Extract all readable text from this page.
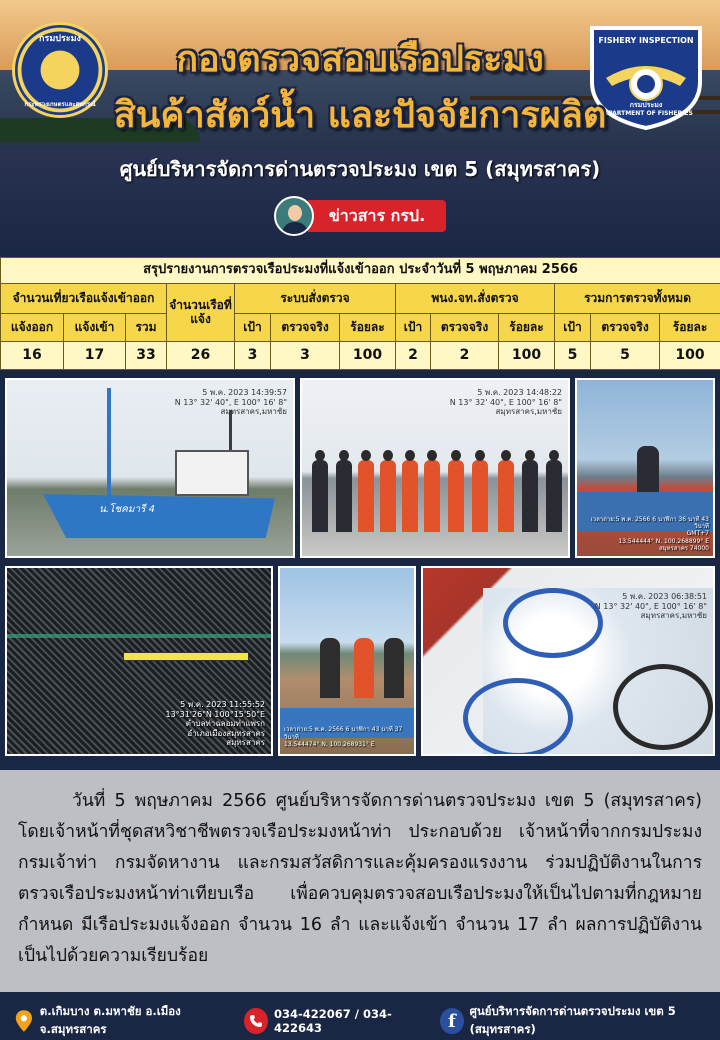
กรมประมง
กระทรวงเกษตรและสหกรณ์
FISHERY INSPECTION
กรมประมง
DEPARTMENT OF FISHERIES
กองตรวจสอบเรือประมง
สินค้าสัตว์น้ำ และปัจจัยการผลิต
ศูนย์บริหารจัดการด่านตรวจประมง เขต 5 (สมุทรสาคร)
ข่าวสาร กรป.
สรุปรายงานการตรวจเรือประมงที่แจ้งเข้าออก ประจำวันที่ 5 พฤษภาคม 2566												
จำนวนเที่ยวเรือแจ้งเข้าออก			จำนวนเรือที่แจ้ง	ระบบสั่งตรวจ			พนง.จท.สั่งตรวจ			รวมการตรวจทั้งหมด		
แจ้งออก	แจ้งเข้า	รวม		เป้า	ตรวจจริง	ร้อยละ	เป้า	ตรวจจริง	ร้อยละ	เป้า	ตรวจจริง	ร้อยละ
16	17	33	26	3	3	100	2	2	100	5	5	100
น.โชคมารี 4
5 พ.ค. 2023 14:39:57
N 13° 32' 40", E 100° 16' 8"
สมุทรสาคร,มหาชัย
5 พ.ค. 2023 14:48:22
N 13° 32' 40", E 100° 16' 8"
สมุทรสาคร,มหาชัย
เวลาถ่าย:5 พ.ค. 2566 6 นาฬิกา 36 นาที 43 วินาที
GMT+7
13.544444° N, 100.268899° E
สมุทรสาคร 74000
5 พ.ค. 2023 11:55:52
13°31'26"N 100°15'50"E
ตำบลท่าฉลอมท่าแพรก
อำเภอเมืองสมุทรสาคร
สมุทรสาคร
เวลาถ่าย:5 พ.ค. 2566 6 นาฬิกา 43 นาที 37 วินาที
13.544474° N, 100.268931° E
5 พ.ค. 2023 06:38:51
N 13° 32' 40", E 100° 16' 8"
สมุทรสาคร,มหาชัย

วันที่ 5 พฤษภาคม 2566 ศูนย์บริหารจัดการด่านตรวจประมง เขต 5 (สมุทรสาคร) โดยเจ้าหน้าที่ชุดสหวิชาชีพตรวจเรือประมงหน้าท่า ประกอบด้วย เจ้าหน้าที่จากกรมประมง กรมเจ้าท่า กรมจัดหางาน และกรมสวัสดิการและคุ้มครองแรงงาน ร่วมปฏิบัติงานในการตรวจเรือประมงหน้าท่าเทียบเรือ เพื่อควบคุมตรวจสอบเรือประมงให้เป็นไปตามที่กฎหมายกำหนด มีเรือประมงแจ้งออก จำนวน 16 ลำ และแจ้งเข้า จำนวน 17 ลำ ผลการปฏิบัติงานเป็นไปด้วยความเรียบร้อย

ต.เกิมบาง ต.มหาชัย อ.เมือง จ.สมุทรสาคร
034-422067 / 034-422643	f	ศูนย์บริหารจัดการด่านตรวจประมง เขต 5 (สมุทรสาคร)
